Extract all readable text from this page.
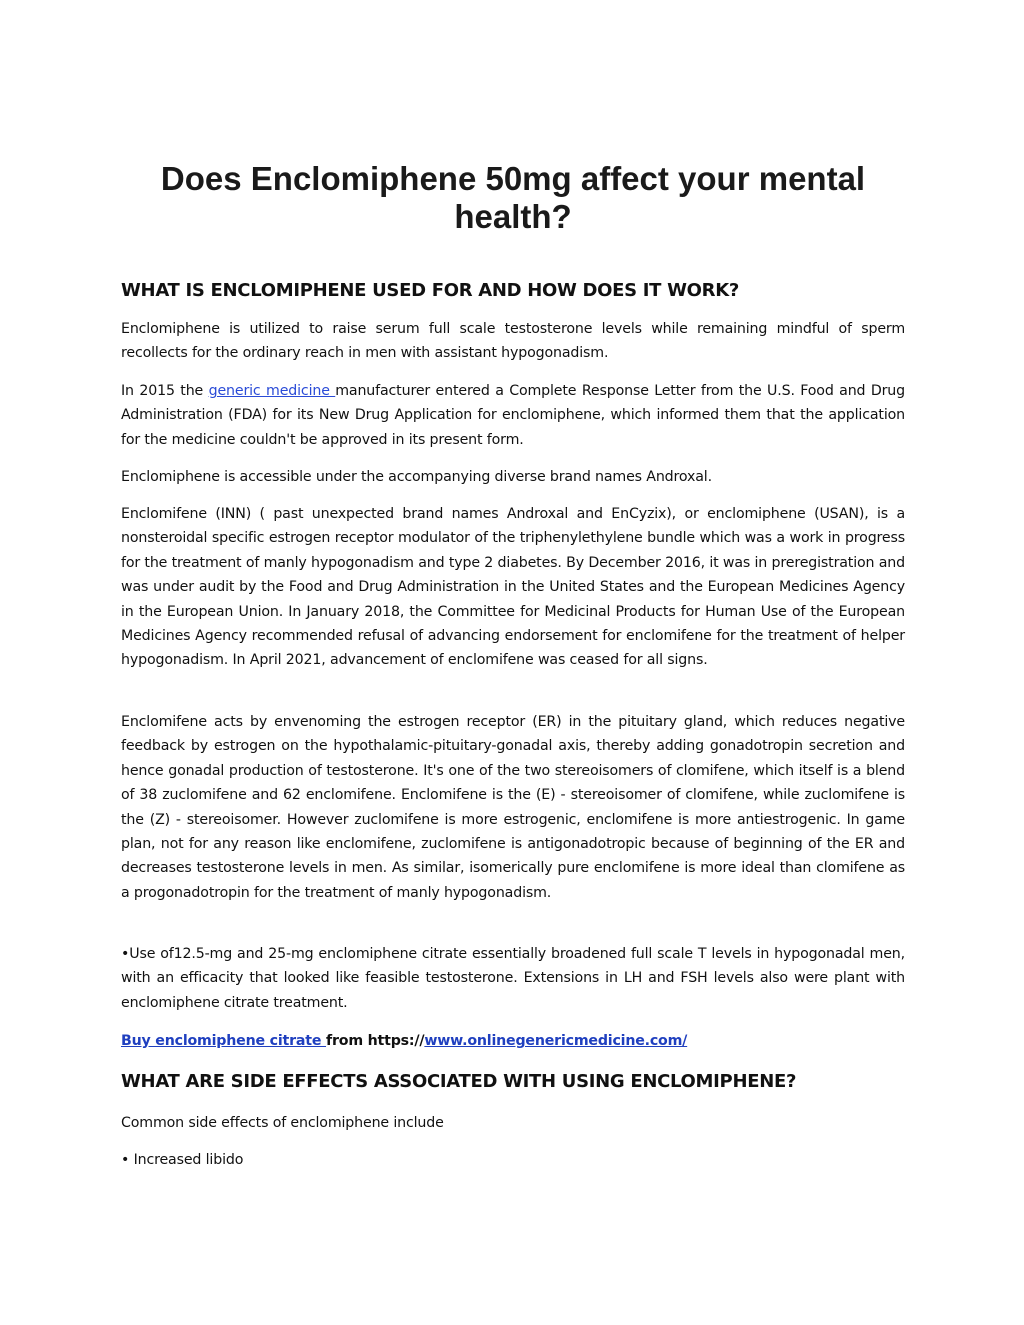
Does Enclomiphene 50mg affect your mental health?
WHAT IS ENCLOMIPHENE USED FOR AND HOW DOES IT WORK?

Enclomiphene is utilized to raise serum full scale testosterone levels while remaining mindful of sperm recollects for the ordinary reach in men with assistant hypogonadism.

In 2015 the generic medicine manufacturer entered a Complete Response Letter from the U.S. Food and Drug Administration (FDA) for its New Drug Application for enclomiphene, which informed them that the application for the medicine couldn't be approved in its present form.

Enclomiphene is accessible under the accompanying diverse brand names Androxal.

Enclomifene (INN) ( past unexpected brand names Androxal and EnCyzix), or enclomiphene (USAN), is a nonsteroidal specific estrogen receptor modulator of the triphenylethylene bundle which was a work in progress for the treatment of manly hypogonadism and type 2 diabetes. By December 2016, it was in preregistration and was under audit by the Food and Drug Administration in the United States and the European Medicines Agency in the European Union. In January 2018, the Committee for Medicinal Products for Human Use of the European Medicines Agency recommended refusal of advancing endorsement for enclomifene for the treatment of helper hypogonadism. In April 2021, advancement of enclomifene was ceased for all signs.

Enclomifene acts by envenoming the estrogen receptor (ER) in the pituitary gland, which reduces negative feedback by estrogen on the hypothalamic-pituitary-gonadal axis, thereby adding gonadotropin secretion and hence gonadal production of testosterone. It's one of the two stereoisomers of clomifene, which itself is a blend of 38 zuclomifene and 62 enclomifene. Enclomifene is the (E) - stereoisomer of clomifene, while zuclomifene is the (Z) - stereoisomer. However zuclomifene is more estrogenic, enclomifene is more antiestrogenic. In game plan, not for any reason like enclomifene, zuclomifene is antigonadotropic because of beginning of the ER and decreases testosterone levels in men. As similar, isomerically pure enclomifene is more ideal than clomifene as a progonadotropin for the treatment of manly hypogonadism.

•Use of12.5-mg and 25-mg enclomiphene citrate essentially broadened full scale T levels in hypogonadal men, with an efficacity that looked like feasible testosterone. Extensions in LH and FSH levels also were plant with enclomiphene citrate treatment.

Buy enclomiphene citrate from https://www.onlinegenericmedicine.com/
WHAT ARE SIDE EFFECTS ASSOCIATED WITH USING ENCLOMIPHENE?

Common side effects of enclomiphene include

• Increased libido
